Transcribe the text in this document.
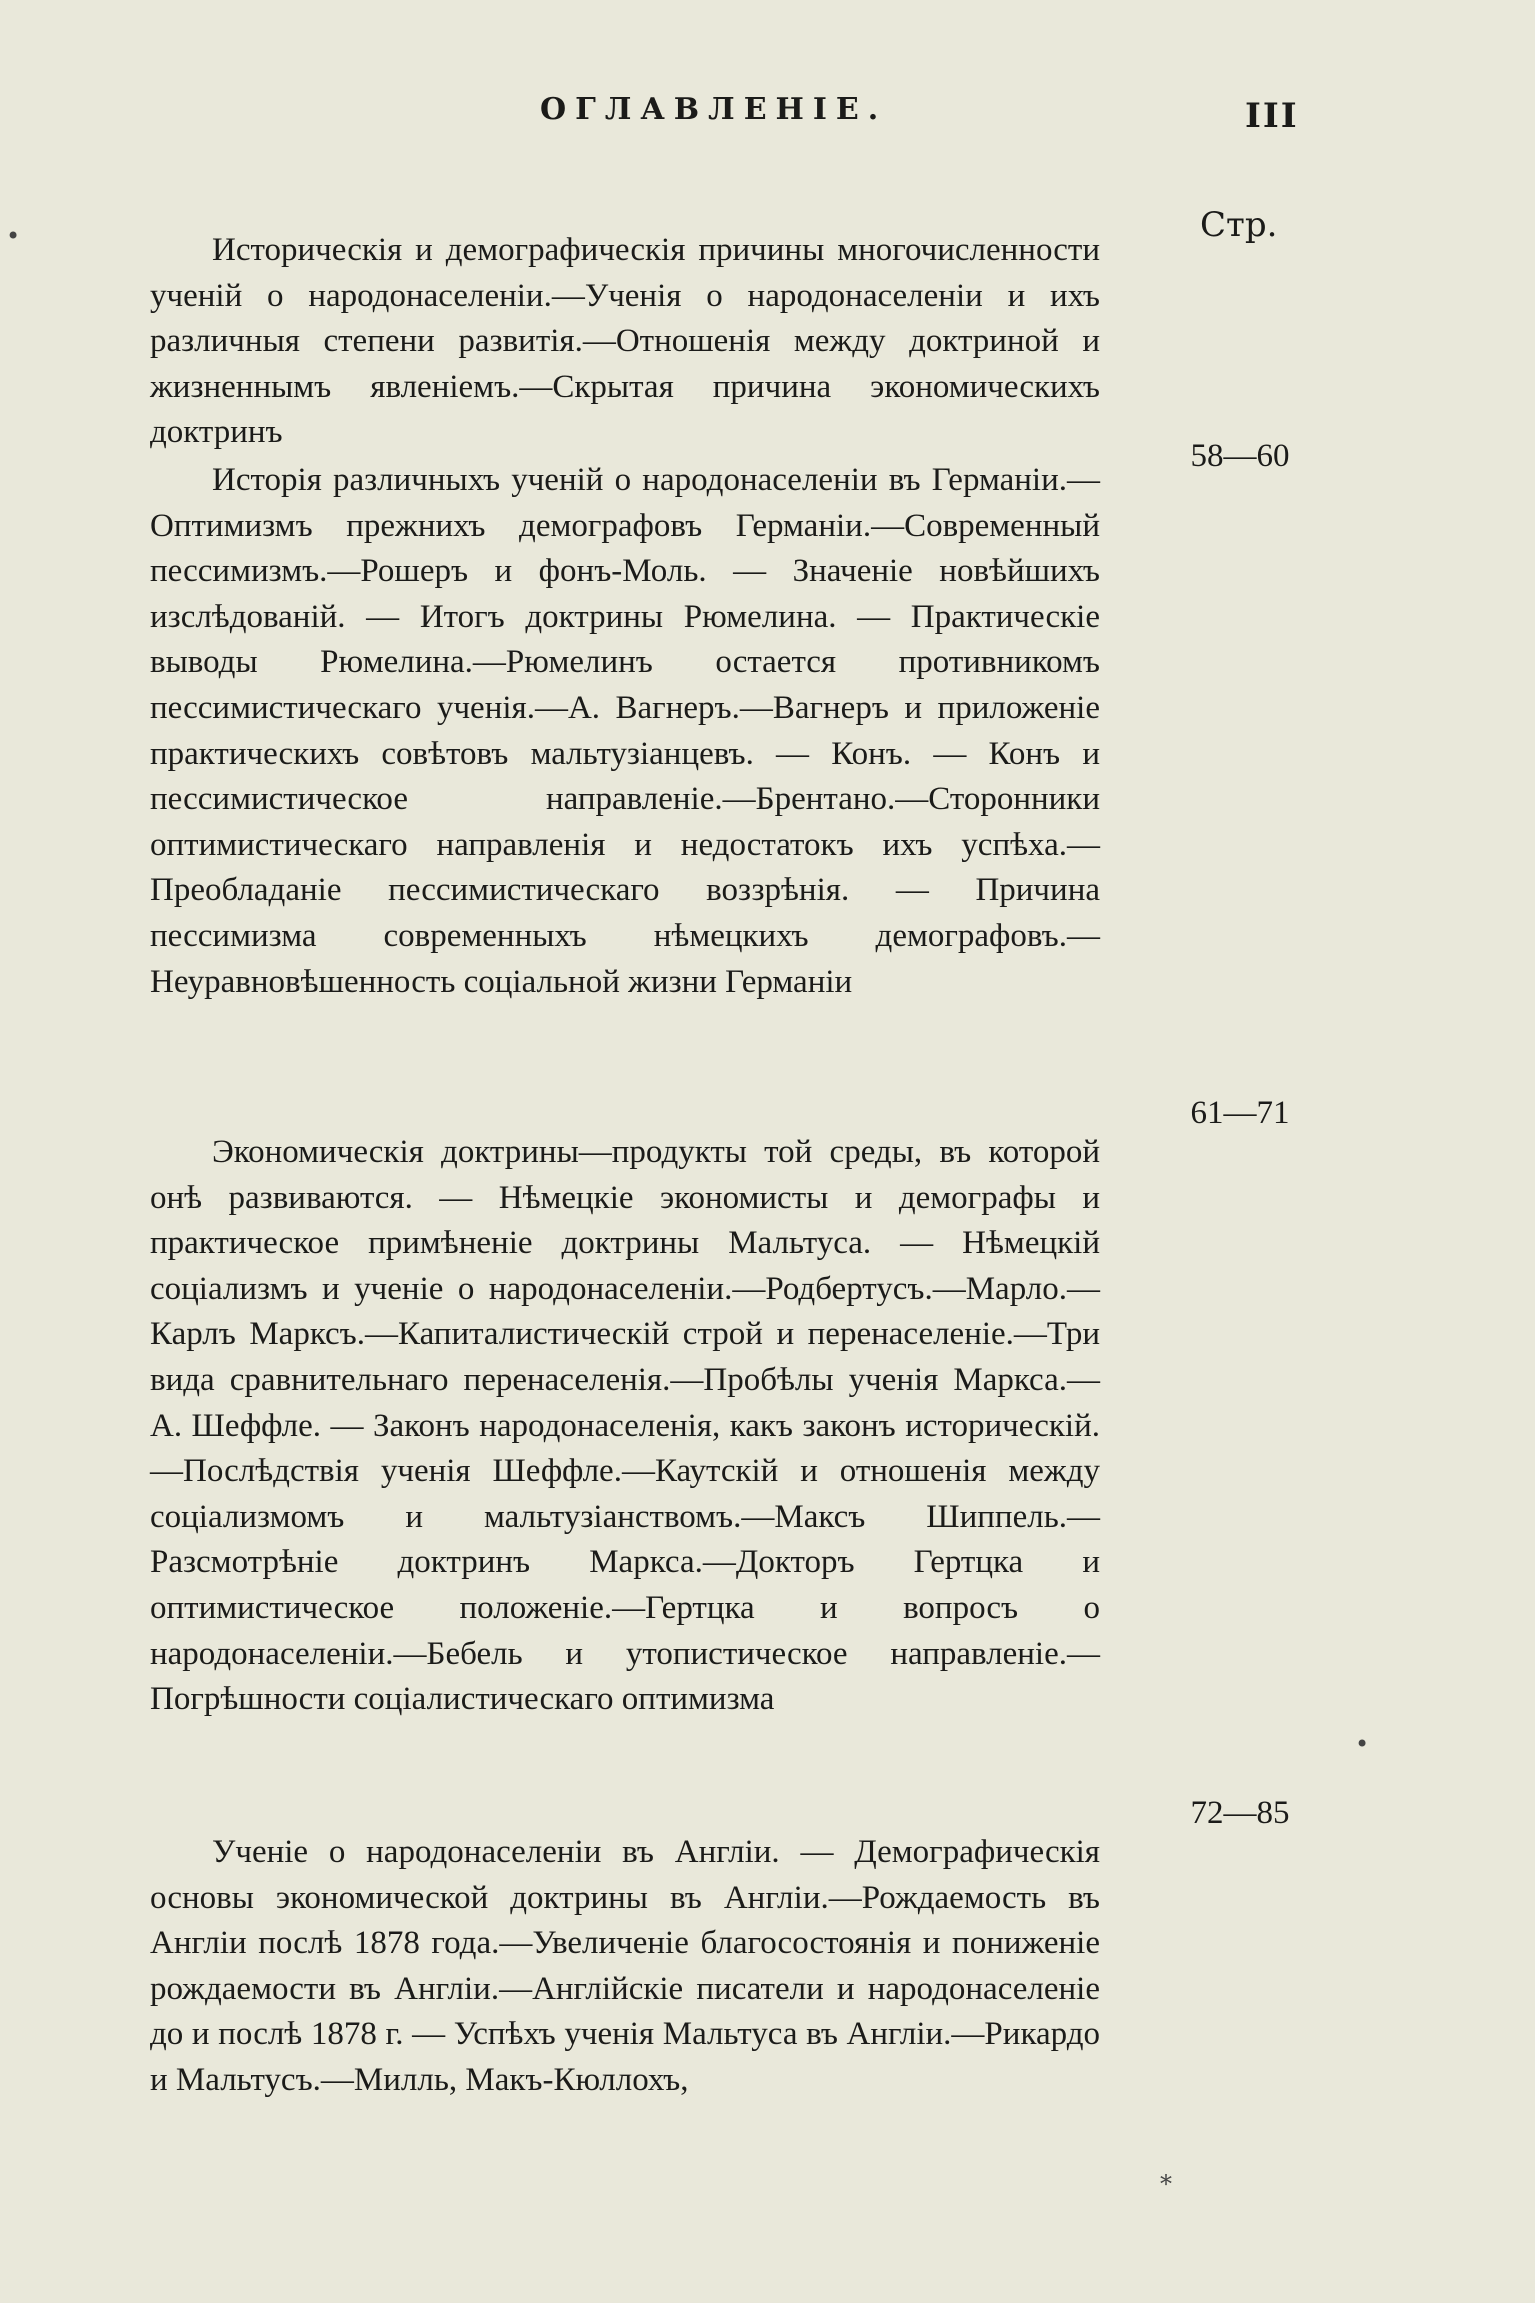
ОГЛАВЛЕНIЕ.	III
Стр.

Историческія и демографическія причины многочисленности ученій о народонаселеніи.—Ученія о народонаселеніи и ихъ различныя степени развитія.—Отношенія между доктриной и жизненнымъ явленіемъ.—Скрытая причина экономическихъ доктринъ

58—60

Исторія различныхъ ученій о народонаселеніи въ Германіи.—Оптимизмъ прежнихъ демографовъ Германіи.—Современный пессимизмъ.—Рошеръ и фонъ-Моль. — Значеніе новѣйшихъ изслѣдованій. — Итогъ доктрины Рюмелина. — Практическіе выводы Рюмелина.—Рюмелинъ остается противникомъ пессимистическаго ученія.—А. Вагнеръ.—Вагнеръ и приложеніе практическихъ совѣтовъ мальтузіанцевъ. — Конъ. — Конъ и пессимистическое направленіе.—Брентано.—Сторонники оптимистическаго направленія и недостатокъ ихъ успѣха.—Преобладаніе пессимистическаго воззрѣнія. — Причина пессимизма современныхъ нѣмецкихъ демографовъ.—Неуравновѣшенность соціальной жизни Германіи

61—71

Экономическія доктрины—продукты той среды, въ которой онѣ развиваются. — Нѣмецкіе экономисты и демографы и практическое примѣненіе доктрины Мальтуса. — Нѣмецкій соціализмъ и ученіе о народонаселеніи.—Родбертусъ.—Марло.—Карлъ Марксъ.—Капиталистическій строй и перенаселеніе.—Три вида сравнительнаго перенаселенія.—Пробѣлы ученія Маркса.—А. Шеффле. — Законъ народонаселенія, какъ законъ историческій.—Послѣдствія ученія Шеффле.—Каутскій и отношенія между соціализмомъ и мальтузіанствомъ.—Максъ Шиппель.—Разсмотрѣніе доктринъ Маркса.—Докторъ Гертцка и оптимистическое положеніе.—Гертцка и вопросъ о народонаселеніи.—Бебель и утопистическое направленіе.—Погрѣшности соціалистическаго оптимизма

72—85

Ученіе о народонаселеніи въ Англіи. — Демографическія основы экономической доктрины въ Англіи.—Рождаемость въ Англіи послѣ 1878 года.—Увеличеніе благосостоянія и пониженіе рождаемости въ Англіи.—Англійскіе писатели и народонаселеніе до и послѣ 1878 г. — Успѣхъ ученія Мальтуса въ Англіи.—Рикардо и Мальтусъ.—Милль, Макъ-Кюллохъ,

*
•
•
